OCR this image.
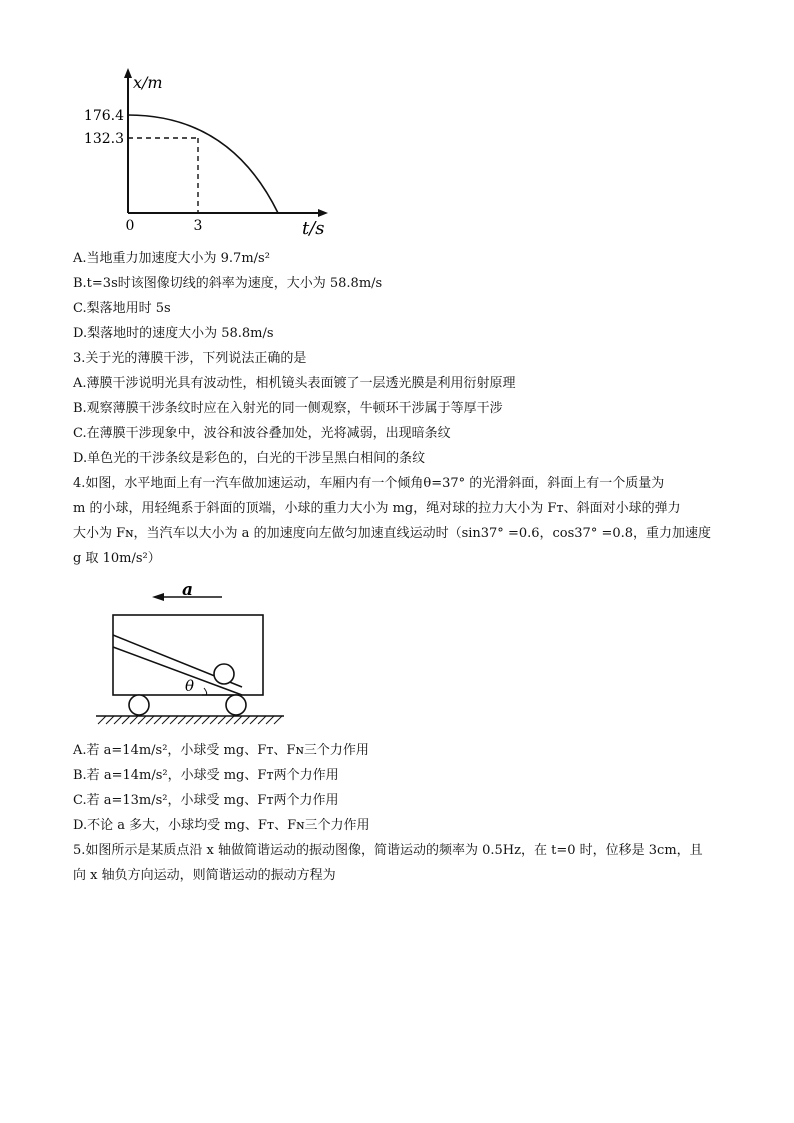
x/m
176.4
132.3
0	3	t/s
A.当地重力加速度大小为 9.7m/s²
B.t=3s时该图像切线的斜率为速度，大小为 58.8m/s
C.梨落地用时 5s
D.梨落地时的速度大小为 58.8m/s
3.关于光的薄膜干涉，下列说法正确的是
A.薄膜干涉说明光具有波动性，相机镜头表面镀了一层透光膜是利用衍射原理
B.观察薄膜干涉条纹时应在入射光的同一侧观察，牛顿环干涉属于等厚干涉
C.在薄膜干涉现象中，波谷和波谷叠加处，光将减弱，出现暗条纹
D.单色光的干涉条纹是彩色的，白光的干涉呈黑白相间的条纹
4.如图，水平地面上有一汽车做加速运动，车厢内有一个倾角θ=37° 的光滑斜面，斜面上有一个质量为
m 的小球，用轻绳系于斜面的顶端，小球的重力大小为 mg，绳对球的拉力大小为 Fт、斜面对小球的弹力
大小为 Fɴ，当汽车以大小为 a 的加速度向左做匀加速直线运动时（sin37° =0.6，cos37° =0.8，重力加速度
g 取 10m/s²）
a
θ
A.若 a=14m/s²，小球受 mg、Fт、Fɴ三个力作用
B.若 a=14m/s²，小球受 mg、Fт两个力作用
C.若 a=13m/s²，小球受 mg、Fт两个力作用
D.不论 a 多大，小球均受 mg、Fт、Fɴ三个力作用
5.如图所示是某质点沿 x 轴做简谐运动的振动图像，简谐运动的频率为 0.5Hz，在 t=0 时，位移是 3cm，且
向 x 轴负方向运动，则简谐运动的振动方程为
